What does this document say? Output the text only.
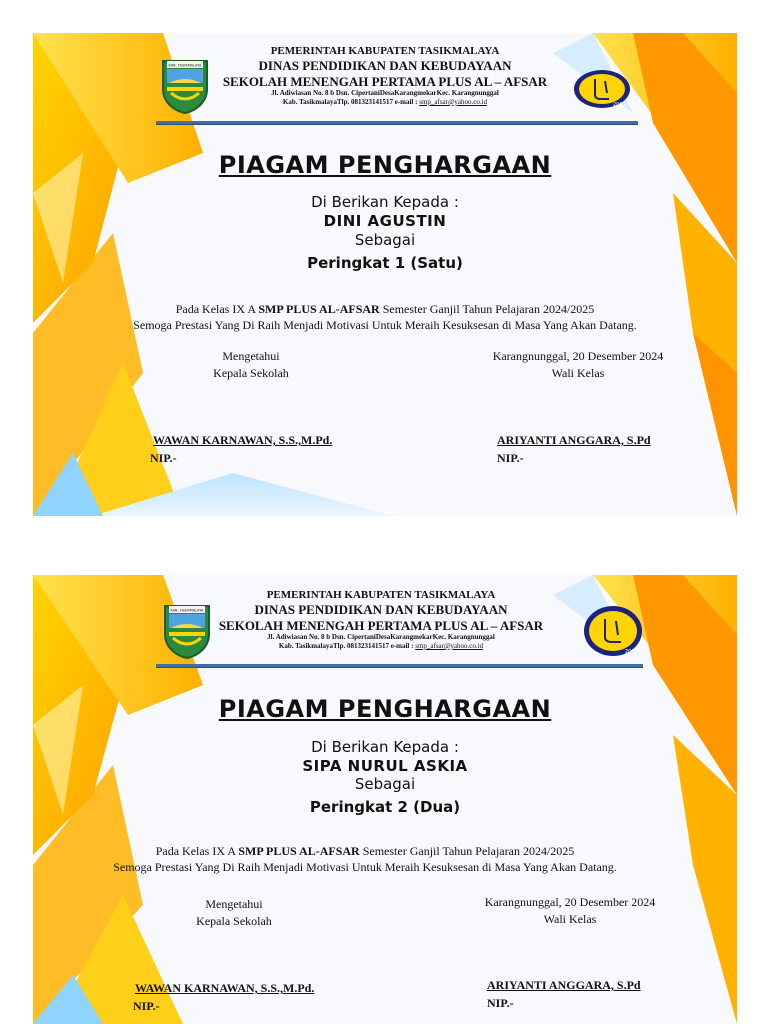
KAB. TASIKMALAYA
2005
PEMERINTAH KABUPATEN TASIKMALAYA
DINAS PENDIDIKAN DAN KEBUDAYAAN
SEKOLAH MENENGAH PERTAMA PLUS AL – AFSAR
Jl. Adiwiasan No. 8 b Dsn. CipertaniDesaKarangmekarKec. Karangnunggal
Kab. TasikmalayaTlp. 081323141517 e-mail : smp_afsar@yahoo.co.id
PIAGAM PENGHARGAAN
Di Berikan Kepada :
DINI AGUSTIN
Sebagai
Peringkat 1 (Satu)
Pada Kelas IX A SMP PLUS AL-AFSAR Semester Ganjil Tahun Pelajaran 2024/2025
Semoga Prestasi Yang Di Raih Menjadi Motivasi Untuk Meraih Kesuksesan di Masa Yang Akan Datang.
Mengetahui
Kepala Sekolah
Karangnunggal, 20 Desember 2024
Wali Kelas
WAWAN KARNAWAN, S.S.,M.Pd.
NIP.-
ARIYANTI ANGGARA, S.Pd
NIP.-
KAB. TASIKMALAYA
2005
PEMERINTAH KABUPATEN TASIKMALAYA
DINAS PENDIDIKAN DAN KEBUDAYAAN
SEKOLAH MENENGAH PERTAMA PLUS AL – AFSAR
Jl. Adiwiasan No. 8 b Dsn. CipertaniDesaKarangmekarKec. Karangnunggal
Kab. TasikmalayaTlp. 081323141517 e-mail : smp_afsar@yahoo.co.id
PIAGAM PENGHARGAAN
Di Berikan Kepada :
SIPA NURUL ASKIA
Sebagai
Peringkat 2 (Dua)
Pada Kelas IX A SMP PLUS AL-AFSAR Semester Ganjil Tahun Pelajaran 2024/2025
Semoga Prestasi Yang Di Raih Menjadi Motivasi Untuk Meraih Kesuksesan di Masa Yang Akan Datang.
Mengetahui
Kepala Sekolah
Karangnunggal, 20 Desember 2024
Wali Kelas
WAWAN KARNAWAN, S.S.,M.Pd.
NIP.-
ARIYANTI ANGGARA, S.Pd
NIP.-
